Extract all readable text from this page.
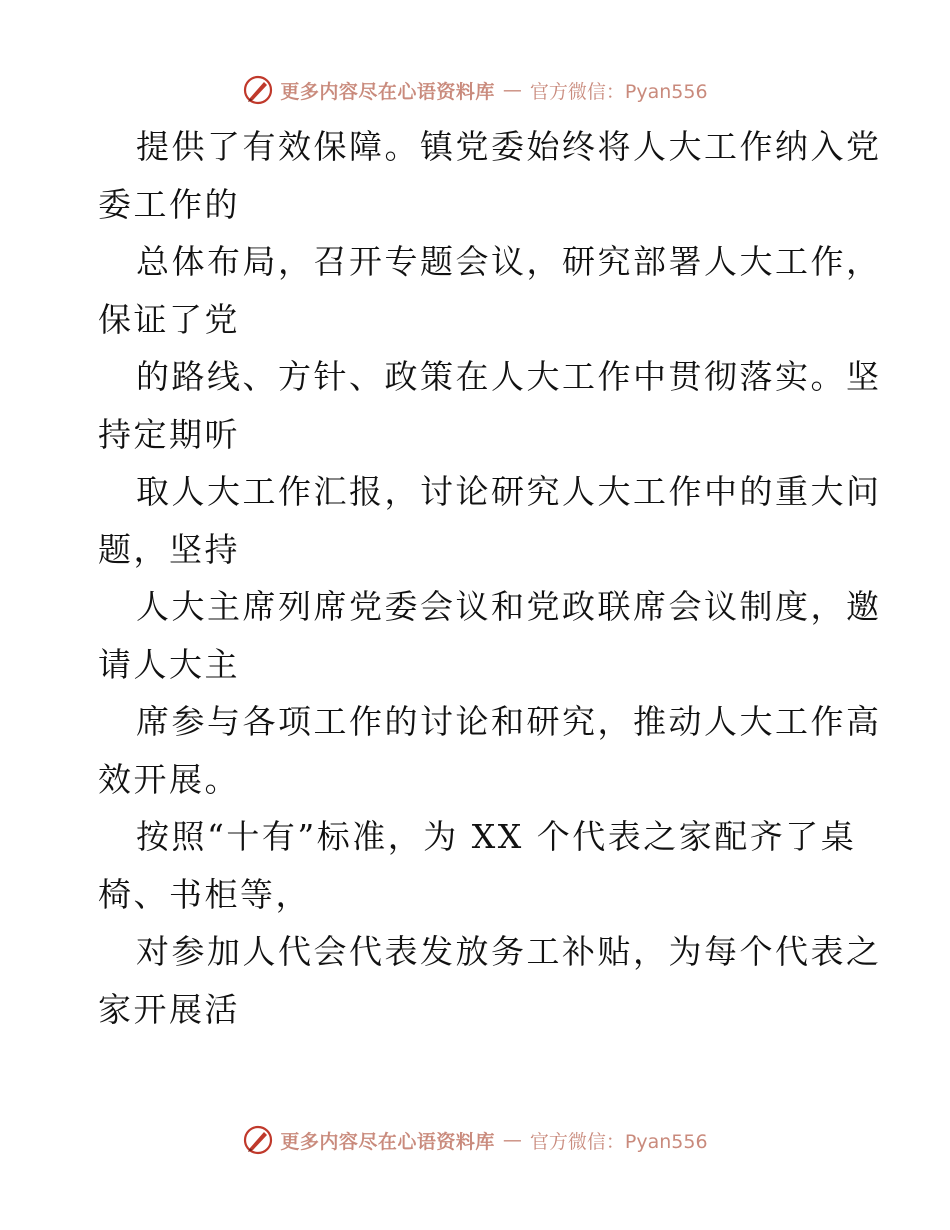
更多内容尽在心语资料库 — 官方微信：Pyan556
提供了有效保障。镇党委始终将人大工作纳入党
委工作的
总体布局，召开专题会议，研究部署人大工作，
保证了党
的路线、方针、政策在人大工作中贯彻落实。坚
持定期听
取人大工作汇报，讨论研究人大工作中的重大问
题，坚持
人大主席列席党委会议和党政联席会议制度，邀
请人大主
席参与各项工作的讨论和研究，推动人大工作高
效开展。
按照“十有”标准，为 XX 个代表之家配齐了桌
椅、书柜等，
对参加人代会代表发放务工补贴，为每个代表之
家开展活
更多内容尽在心语资料库 — 官方微信：Pyan556
